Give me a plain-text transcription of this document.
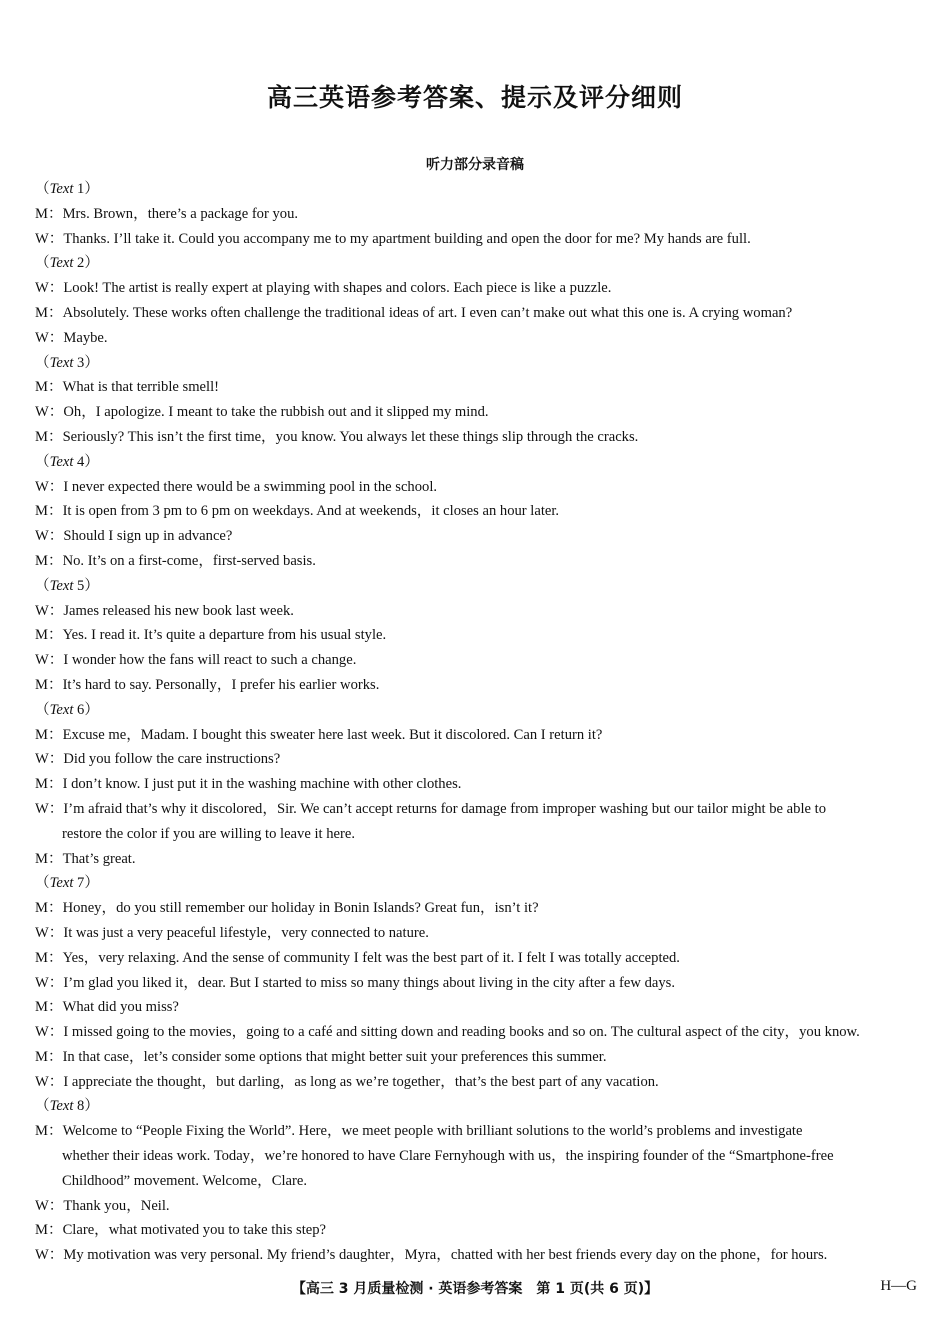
高三英语参考答案、提示及评分细则
听力部分录音稿
（Text 1）
M：Mrs. Brown，there’s a package for you.
W：Thanks. I’ll take it. Could you accompany me to my apartment building and open the door for me? My hands are full.
（Text 2）
W：Look! The artist is really expert at playing with shapes and colors. Each piece is like a puzzle.
M：Absolutely. These works often challenge the traditional ideas of art. I even can’t make out what this one is. A crying woman?
W：Maybe.
（Text 3）
M：What is that terrible smell!
W：Oh，I apologize. I meant to take the rubbish out and it slipped my mind.
M：Seriously? This isn’t the first time，you know. You always let these things slip through the cracks.
（Text 4）
W：I never expected there would be a swimming pool in the school.
M：It is open from 3 pm to 6 pm on weekdays. And at weekends，it closes an hour later.
W：Should I sign up in advance?
M：No. It’s on a first-come，first-served basis.
（Text 5）
W：James released his new book last week.
M：Yes. I read it. It’s quite a departure from his usual style.
W：I wonder how the fans will react to such a change.
M：It’s hard to say. Personally，I prefer his earlier works.
（Text 6）
M：Excuse me，Madam. I bought this sweater here last week. But it discolored. Can I return it?
W：Did you follow the care instructions?
M：I don’t know. I just put it in the washing machine with other clothes.
W：I’m afraid that’s why it discolored，Sir. We can’t accept returns for damage from improper washing but our tailor might be able to
restore the color if you are willing to leave it here.
M：That’s great.
（Text 7）
M：Honey，do you still remember our holiday in Bonin Islands? Great fun，isn’t it?
W：It was just a very peaceful lifestyle，very connected to nature.
M：Yes，very relaxing. And the sense of community I felt was the best part of it. I felt I was totally accepted.
W：I’m glad you liked it，dear. But I started to miss so many things about living in the city after a few days.
M：What did you miss?
W：I missed going to the movies，going to a café and sitting down and reading books and so on. The cultural aspect of the city，you know.
M：In that case，let’s consider some options that might better suit your preferences this summer.
W：I appreciate the thought，but darling，as long as we’re together，that’s the best part of any vacation.
（Text 8）
M：Welcome to “People Fixing the World”. Here，we meet people with brilliant solutions to the world’s problems and investigate
whether their ideas work. Today，we’re honored to have Clare Fernyhough with us，the inspiring founder of the “Smartphone-free
Childhood” movement. Welcome，Clare.
W：Thank you，Neil.
M：Clare，what motivated you to take this step?
W：My motivation was very personal. My friend’s daughter，Myra，chatted with her best friends every day on the phone，for hours.
【高三 3 月质量检测 · 英语参考答案　第 1 页(共 6 页)】	H—G
